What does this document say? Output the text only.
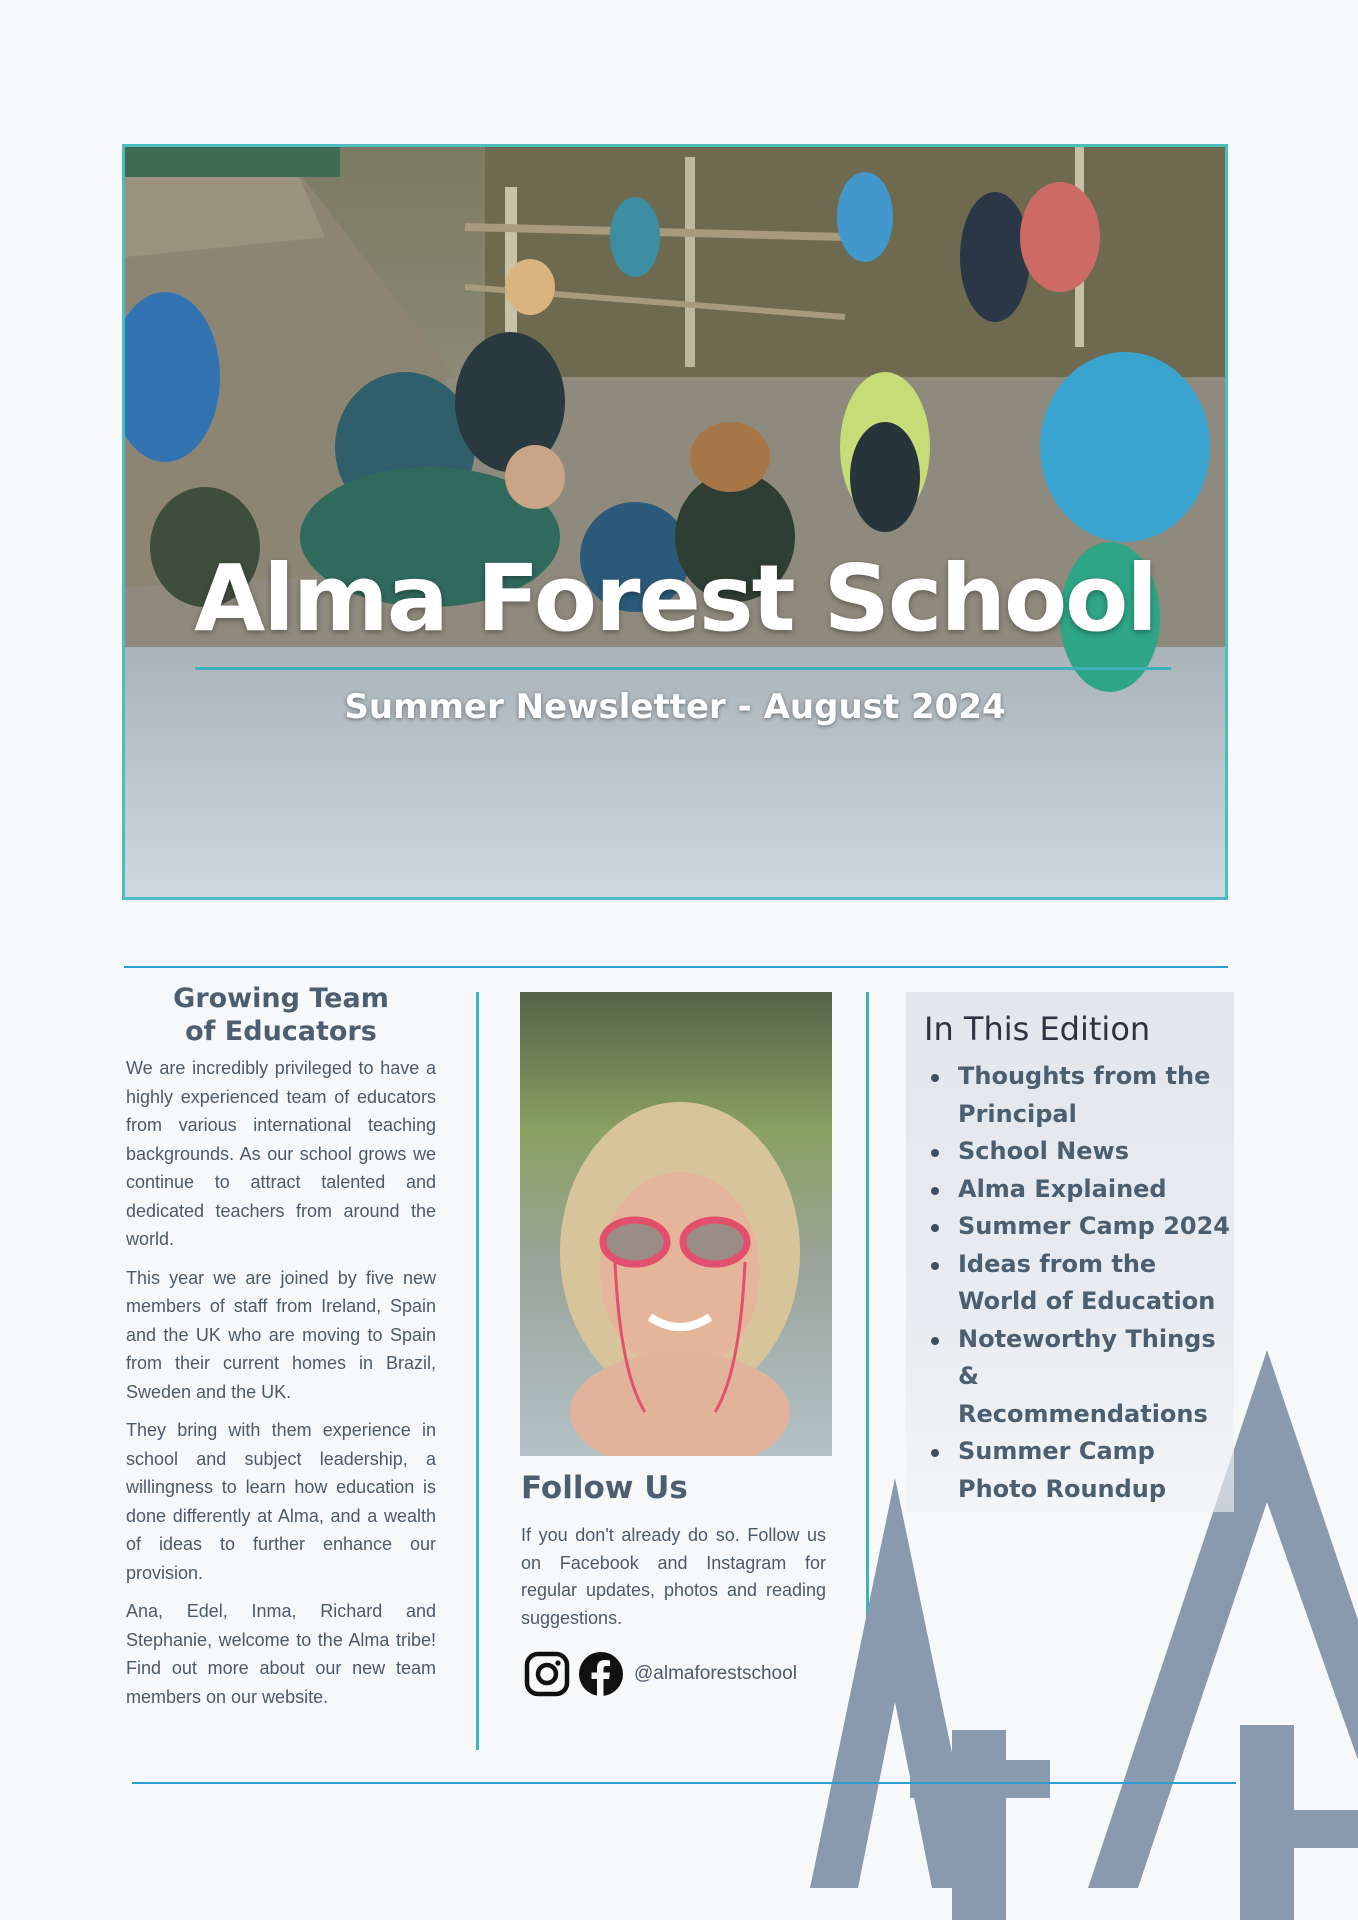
Alma Forest School
Summer Newsletter - August 2024
Growing Team
of Educators

We are incredibly privileged to have a highly experienced team of educators from various international teaching backgrounds. As our school grows we continue to attract talented and dedicated teachers from around the world.

This year we are joined by five new members of staff from Ireland, Spain and the UK who are moving to Spain from their current homes in Brazil, Sweden and the UK.

They bring with them experience in school and subject leadership, a willingness to learn how education is done differently at Alma, and a wealth of ideas to further enhance our provision.

Ana, Edel, Inma, Richard and Stephanie, welcome to the Alma tribe! Find out more about our new team members on our website.

Follow Us

If you don't already do so. Follow us on Facebook and Instagram for regular updates, photos and reading suggestions.

@almaforestschool
In This Edition
Thoughts from the Principal
School News
Alma Explained
Summer Camp 2024
Ideas from the World of Education
Noteworthy Things & Recommendations
Summer Camp Photo Roundup
